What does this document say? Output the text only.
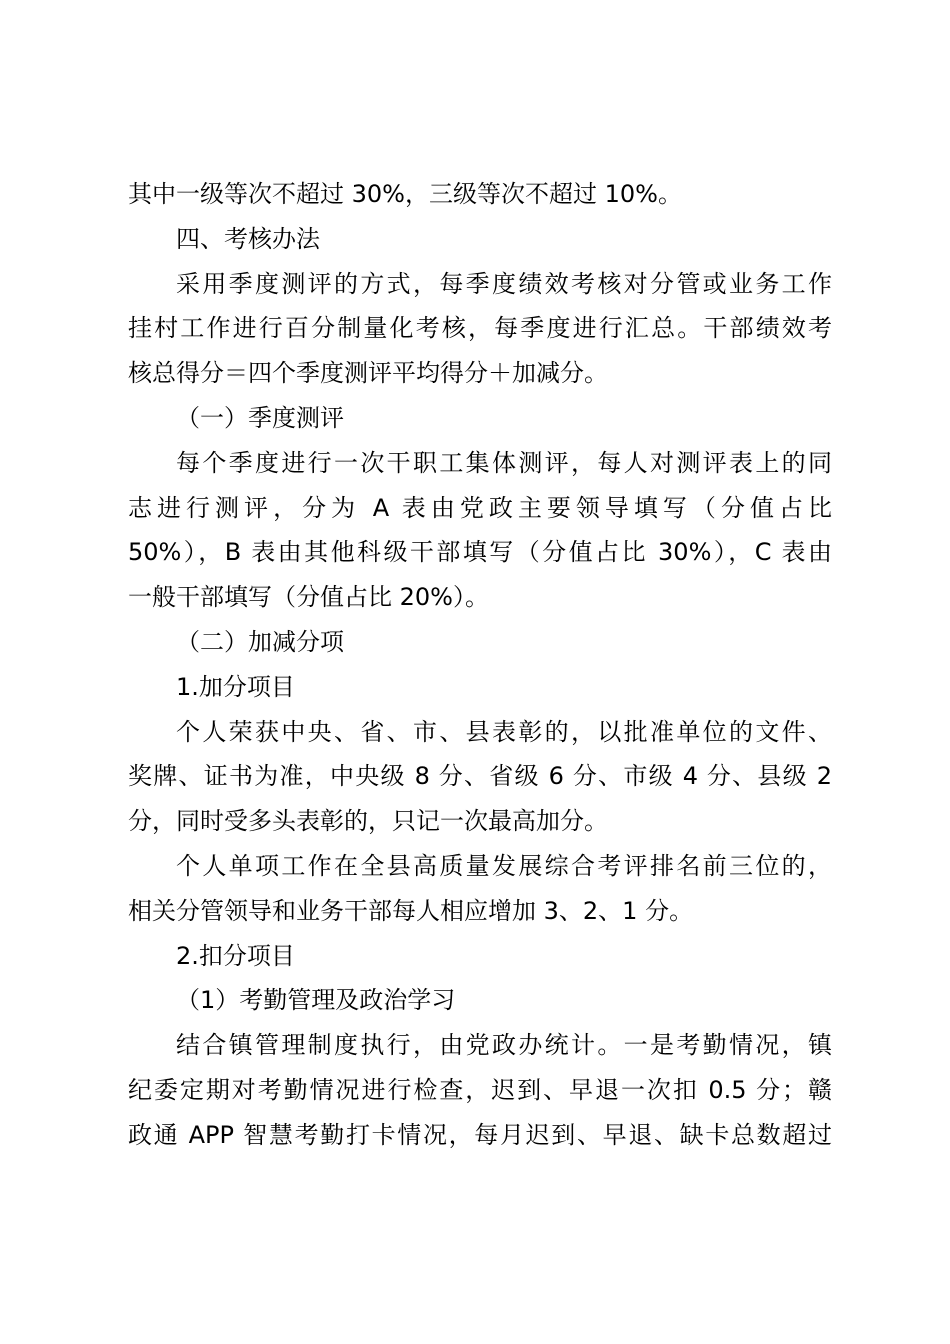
其中一级等次不超过 30%，三级等次不超过 10%。
四、考核办法
采用季度测评的方式，每季度绩效考核对分管或业务工作
挂村工作进行百分制量化考核，每季度进行汇总。干部绩效考
核总得分＝四个季度测评平均得分＋加减分。
（一）季度测评
每个季度进行一次干职工集体测评，每人对测评表上的同
志进行测评，分为 A 表由党政主要领导填写（分值占比
50%），B 表由其他科级干部填写（分值占比 30%），C 表由
一般干部填写（分值占比 20%）。
（二）加减分项
1.加分项目
个人荣获中央、省、市、县表彰的，以批准单位的文件、
奖牌、证书为准，中央级 8 分、省级 6 分、市级 4 分、县级 2
分，同时受多头表彰的，只记一次最高加分。
个人单项工作在全县高质量发展综合考评排名前三位的，
相关分管领导和业务干部每人相应增加 3、2、1 分。
2.扣分项目
（1）考勤管理及政治学习
结合镇管理制度执行，由党政办统计。一是考勤情况，镇
纪委定期对考勤情况进行检查，迟到、早退一次扣 0.5 分；赣
政通 APP 智慧考勤打卡情况，每月迟到、早退、缺卡总数超过
